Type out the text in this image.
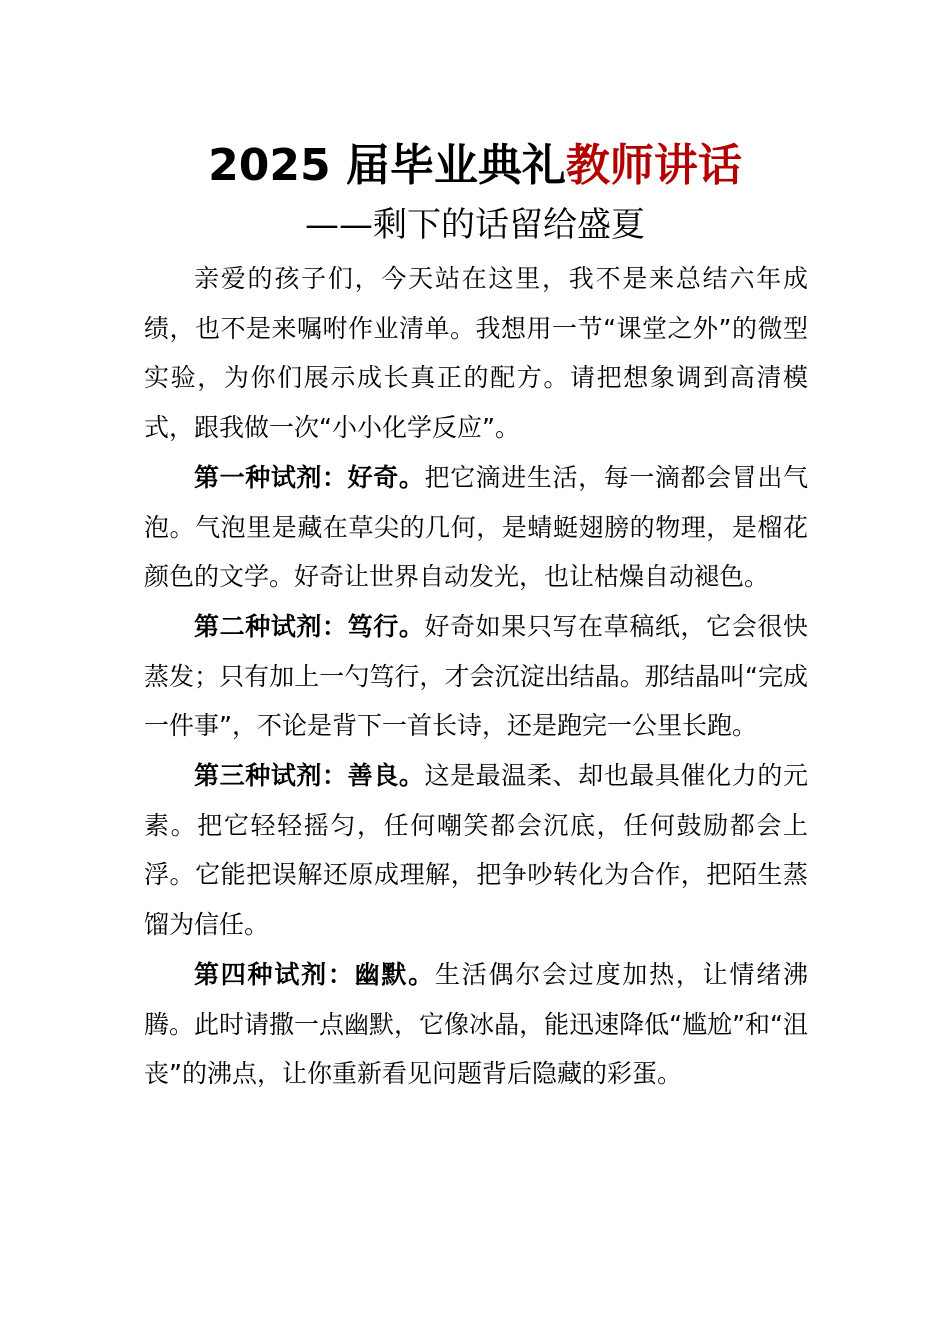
2025 届毕业典礼教师讲话
——剩下的话留给盛夏

亲爱的孩子们，今天站在这里，我不是来总结六年成绩，也不是来嘱咐作业清单。我想用一节“课堂之外”的微型实验，为你们展示成长真正的配方。请把想象调到高清模式，跟我做一次“小小化学反应”。

第一种试剂：好奇。把它滴进生活，每一滴都会冒出气泡。气泡里是藏在草尖的几何，是蜻蜓翅膀的物理，是榴花颜色的文学。好奇让世界自动发光，也让枯燥自动褪色。

第二种试剂：笃行。好奇如果只写在草稿纸，它会很快蒸发；只有加上一勺笃行，才会沉淀出结晶。那结晶叫“完成一件事”，不论是背下一首长诗，还是跑完一公里长跑。

第三种试剂：善良。这是最温柔、却也最具催化力的元素。把它轻轻摇匀，任何嘲笑都会沉底，任何鼓励都会上浮。它能把误解还原成理解，把争吵转化为合作，把陌生蒸馏为信任。

第四种试剂：幽默。生活偶尔会过度加热，让情绪沸腾。此时请撒一点幽默，它像冰晶，能迅速降低“尴尬”和“沮丧”的沸点，让你重新看见问题背后隐藏的彩蛋。
